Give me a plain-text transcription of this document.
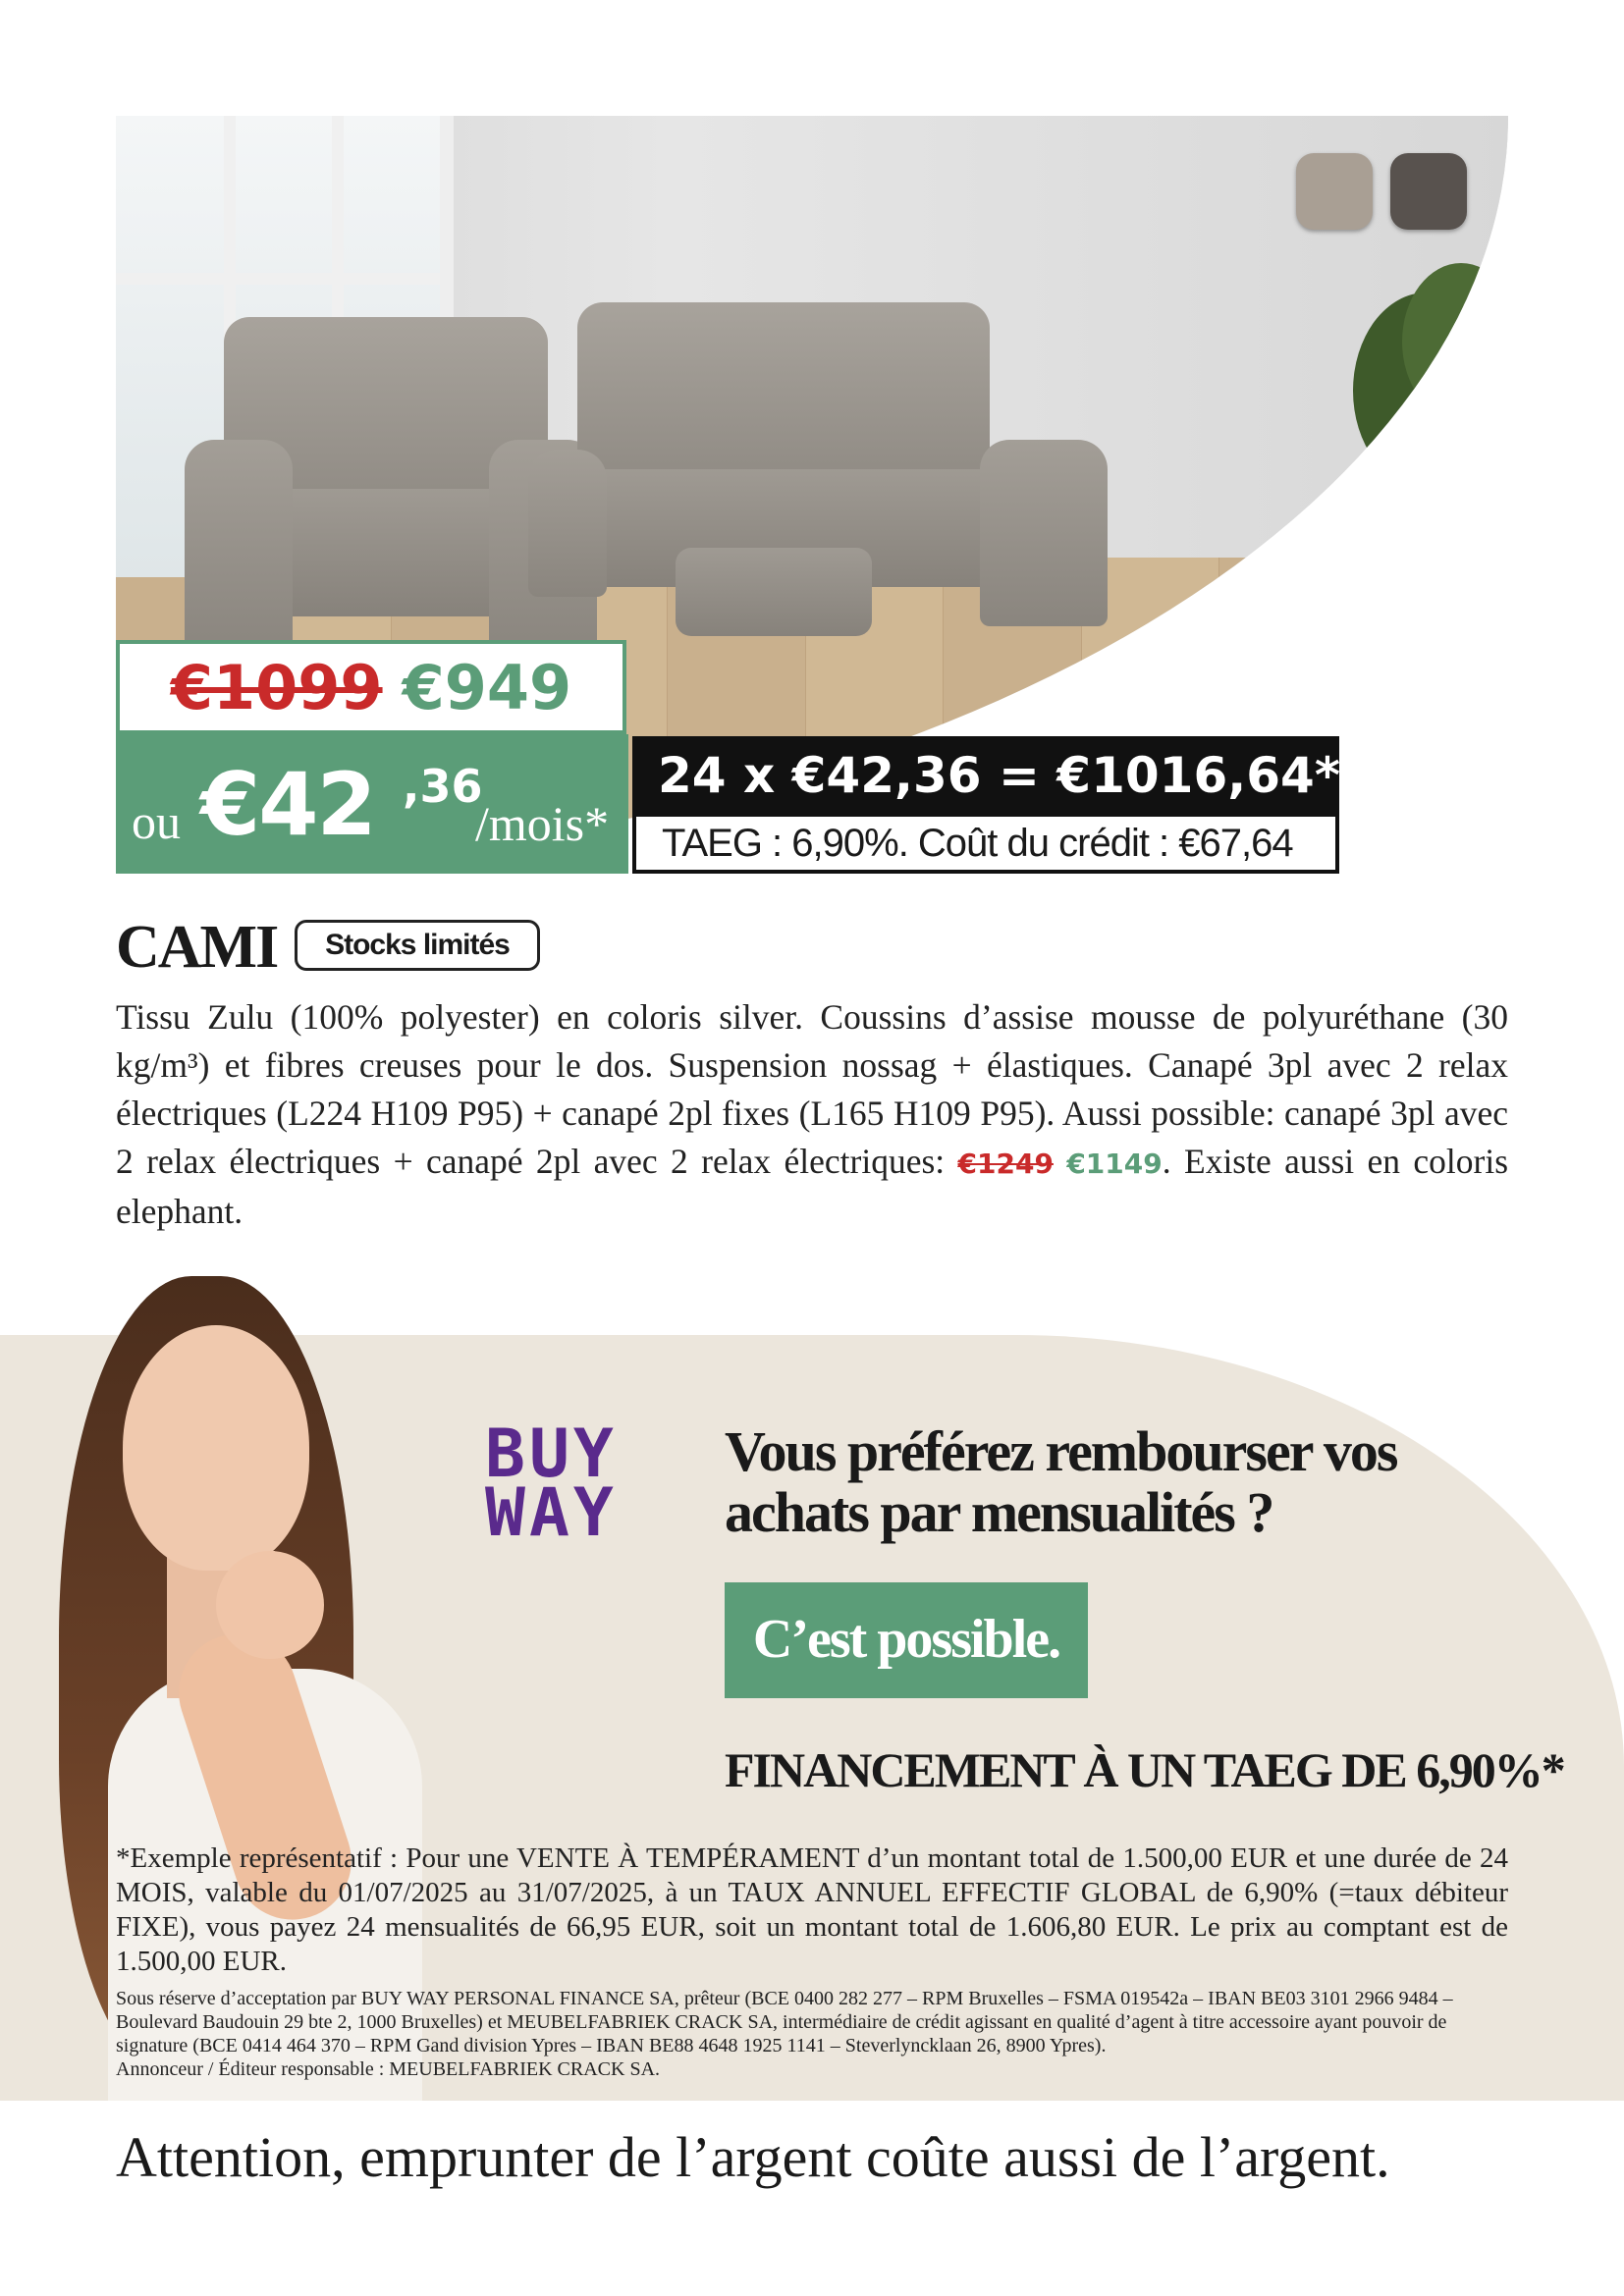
€1099 €949
ou €42 ,36
/mois*
24 x €42,36 = €1016,64*
TAEG : 6,90%. Coût du crédit : €67,64
CAMI	Stocks limités
Tissu Zulu (100% polyester) en coloris silver. Coussins d’assise mousse de polyuréthane (30 kg/m³) et fibres creuses pour le dos. Suspension nossag + élastiques. Canapé 3pl avec 2 relax électriques (L224 H109 P95) + canapé 2pl fixes (L165 H109 P95). Aussi possible: canapé 3pl avec 2 relax électriques + canapé 2pl avec 2 relax électriques: €1249 €1149. Existe aussi en coloris elephant.
BUY
WAY
Vous préférez rembourser vos achats par mensualités ?
C’est possible.
FINANCEMENT À UN TAEG DE 6,90%*
*Exemple représentatif : Pour une VENTE À TEMPÉRAMENT d’un montant total de 1.500,00 EUR et une durée de 24 MOIS, valable du 01/07/2025 au 31/07/2025, à un TAUX ANNUEL EFFECTIF GLOBAL de 6,90% (=taux débiteur FIXE), vous payez 24 mensualités de 66,95 EUR, soit un montant total de 1.606,80 EUR. Le prix au comptant est de 1.500,00 EUR.

Sous réserve d’acceptation par BUY WAY PERSONAL FINANCE SA, prêteur (BCE 0400 282 277 – RPM Bruxelles – FSMA 019542a – IBAN BE03 3101 2966 9484 – Boulevard Baudouin 29 bte 2, 1000 Bruxelles) et MEUBELFABRIEK CRACK SA, intermédiaire de crédit agissant en qualité d’agent à titre accessoire ayant pouvoir de signature (BCE 0414 464 370 – RPM Gand division Ypres – IBAN BE88 4648 1925 1141 – Steverlyncklaan 26, 8900 Ypres).

Annonceur / Éditeur responsable : MEUBELFABRIEK CRACK SA.

Attention, emprunter de l’argent coûte aussi de l’argent.
